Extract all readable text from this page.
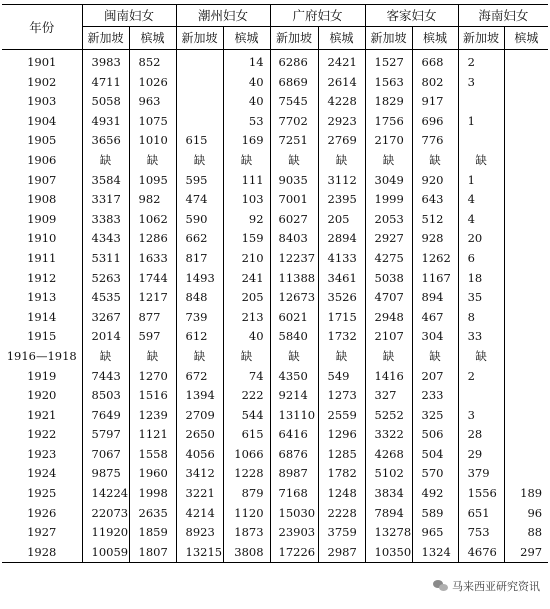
年份	闽南妇女		潮州妇女		广府妇女		客家妇女		海南妇女	
	新加坡	槟城	新加坡	槟城	新加坡	槟城	新加坡	槟城	新加坡	槟城
1901	3983	852		14	6286	2421	1527	668	2	
1902	4711	1026		40	6869	2614	1563	802	3	
1903	5058	963		40	7545	4228	1829	917		
1904	4931	1075		53	7702	2923	1756	696	1	
1905	3656	1010	615	169	7251	2769	2170	776		
1906	缺	缺	缺	缺	缺	缺	缺	缺	缺	
1907	3584	1095	595	111	9035	3112	3049	920	1	
1908	3317	982	474	103	7001	2395	1999	643	4	
1909	3383	1062	590	92	6027	205	2053	512	4	
1910	4343	1286	662	159	8403	2894	2927	928	20	
1911	5311	1633	817	210	12237	4133	4275	1262	6	
1912	5263	1744	1493	241	11388	3461	5038	1167	18	
1913	4535	1217	848	205	12673	3526	4707	894	35	
1914	3267	877	739	213	6021	1715	2948	467	8	
1915	2014	597	612	40	5840	1732	2107	304	33	
1916—1918	缺	缺	缺	缺	缺	缺	缺	缺	缺	
1919	7443	1270	672	74	4350	549	1416	207	2	
1920	8503	1516	1394	222	9214	1273	327	233		
1921	7649	1239	2709	544	13110	2559	5252	325	3	
1922	5797	1121	2650	615	6416	1296	3322	506	28	
1923	7067	1558	4056	1066	6876	1285	4268	504	29	
1924	9875	1960	3412	1228	8987	1782	5102	570	379	
1925	14224	1998	3221	879	7168	1248	3834	492	1556	189
1926	22073	2635	4214	1120	15030	2228	7894	589	651	96
1927	11920	1859	8923	1873	23903	3759	13278	965	753	88
1928	10059	1807	13215	3808	17226	2987	10350	1324	4676	297
马来西亚研究资讯
